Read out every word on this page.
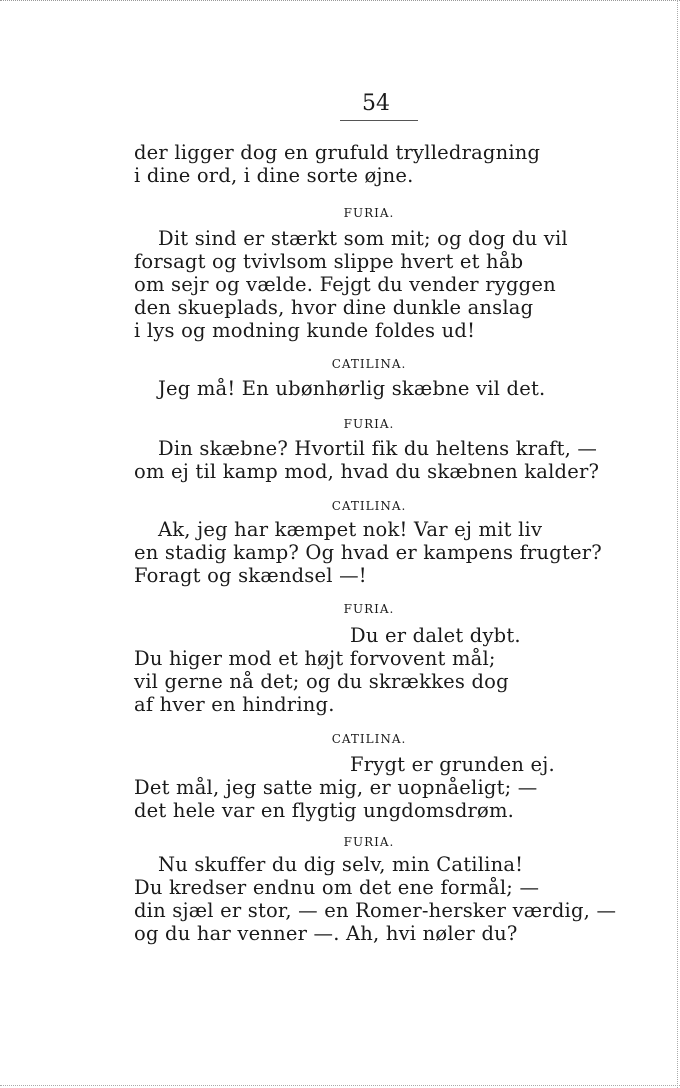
54
der ligger dog en grufuld trylledragning
i dine ord, i dine sorte øjne.
FURIA.
Dit sind er stærkt som mit; og dog du vil
forsagt og tvivlsom slippe hvert et håb
om sejr og vælde. Fejgt du vender ryggen
den skueplads, hvor dine dunkle anslag
i lys og modning kunde foldes ud!
CATILINA.
Jeg må! En ubønhørlig skæbne vil det.
FURIA.
Din skæbne? Hvortil fik du heltens kraft, —
om ej til kamp mod, hvad du skæbnen kalder?
CATILINA.
Ak, jeg har kæmpet nok! Var ej mit liv
en stadig kamp? Og hvad er kampens frugter?
Foragt og skændsel —!
FURIA.
Du er dalet dybt.
Du higer mod et højt forvovent mål;
vil gerne nå det; og du skrækkes dog
af hver en hindring.
CATILINA.
Frygt er grunden ej.
Det mål, jeg satte mig, er uopnåeligt; —
det hele var en flygtig ungdomsdrøm.
FURIA.
Nu skuffer du dig selv, min Catilina!
Du kredser endnu om det ene formål; —
din sjæl er stor, — en Romer-hersker værdig, —
og du har venner —. Ah, hvi nøler du?
